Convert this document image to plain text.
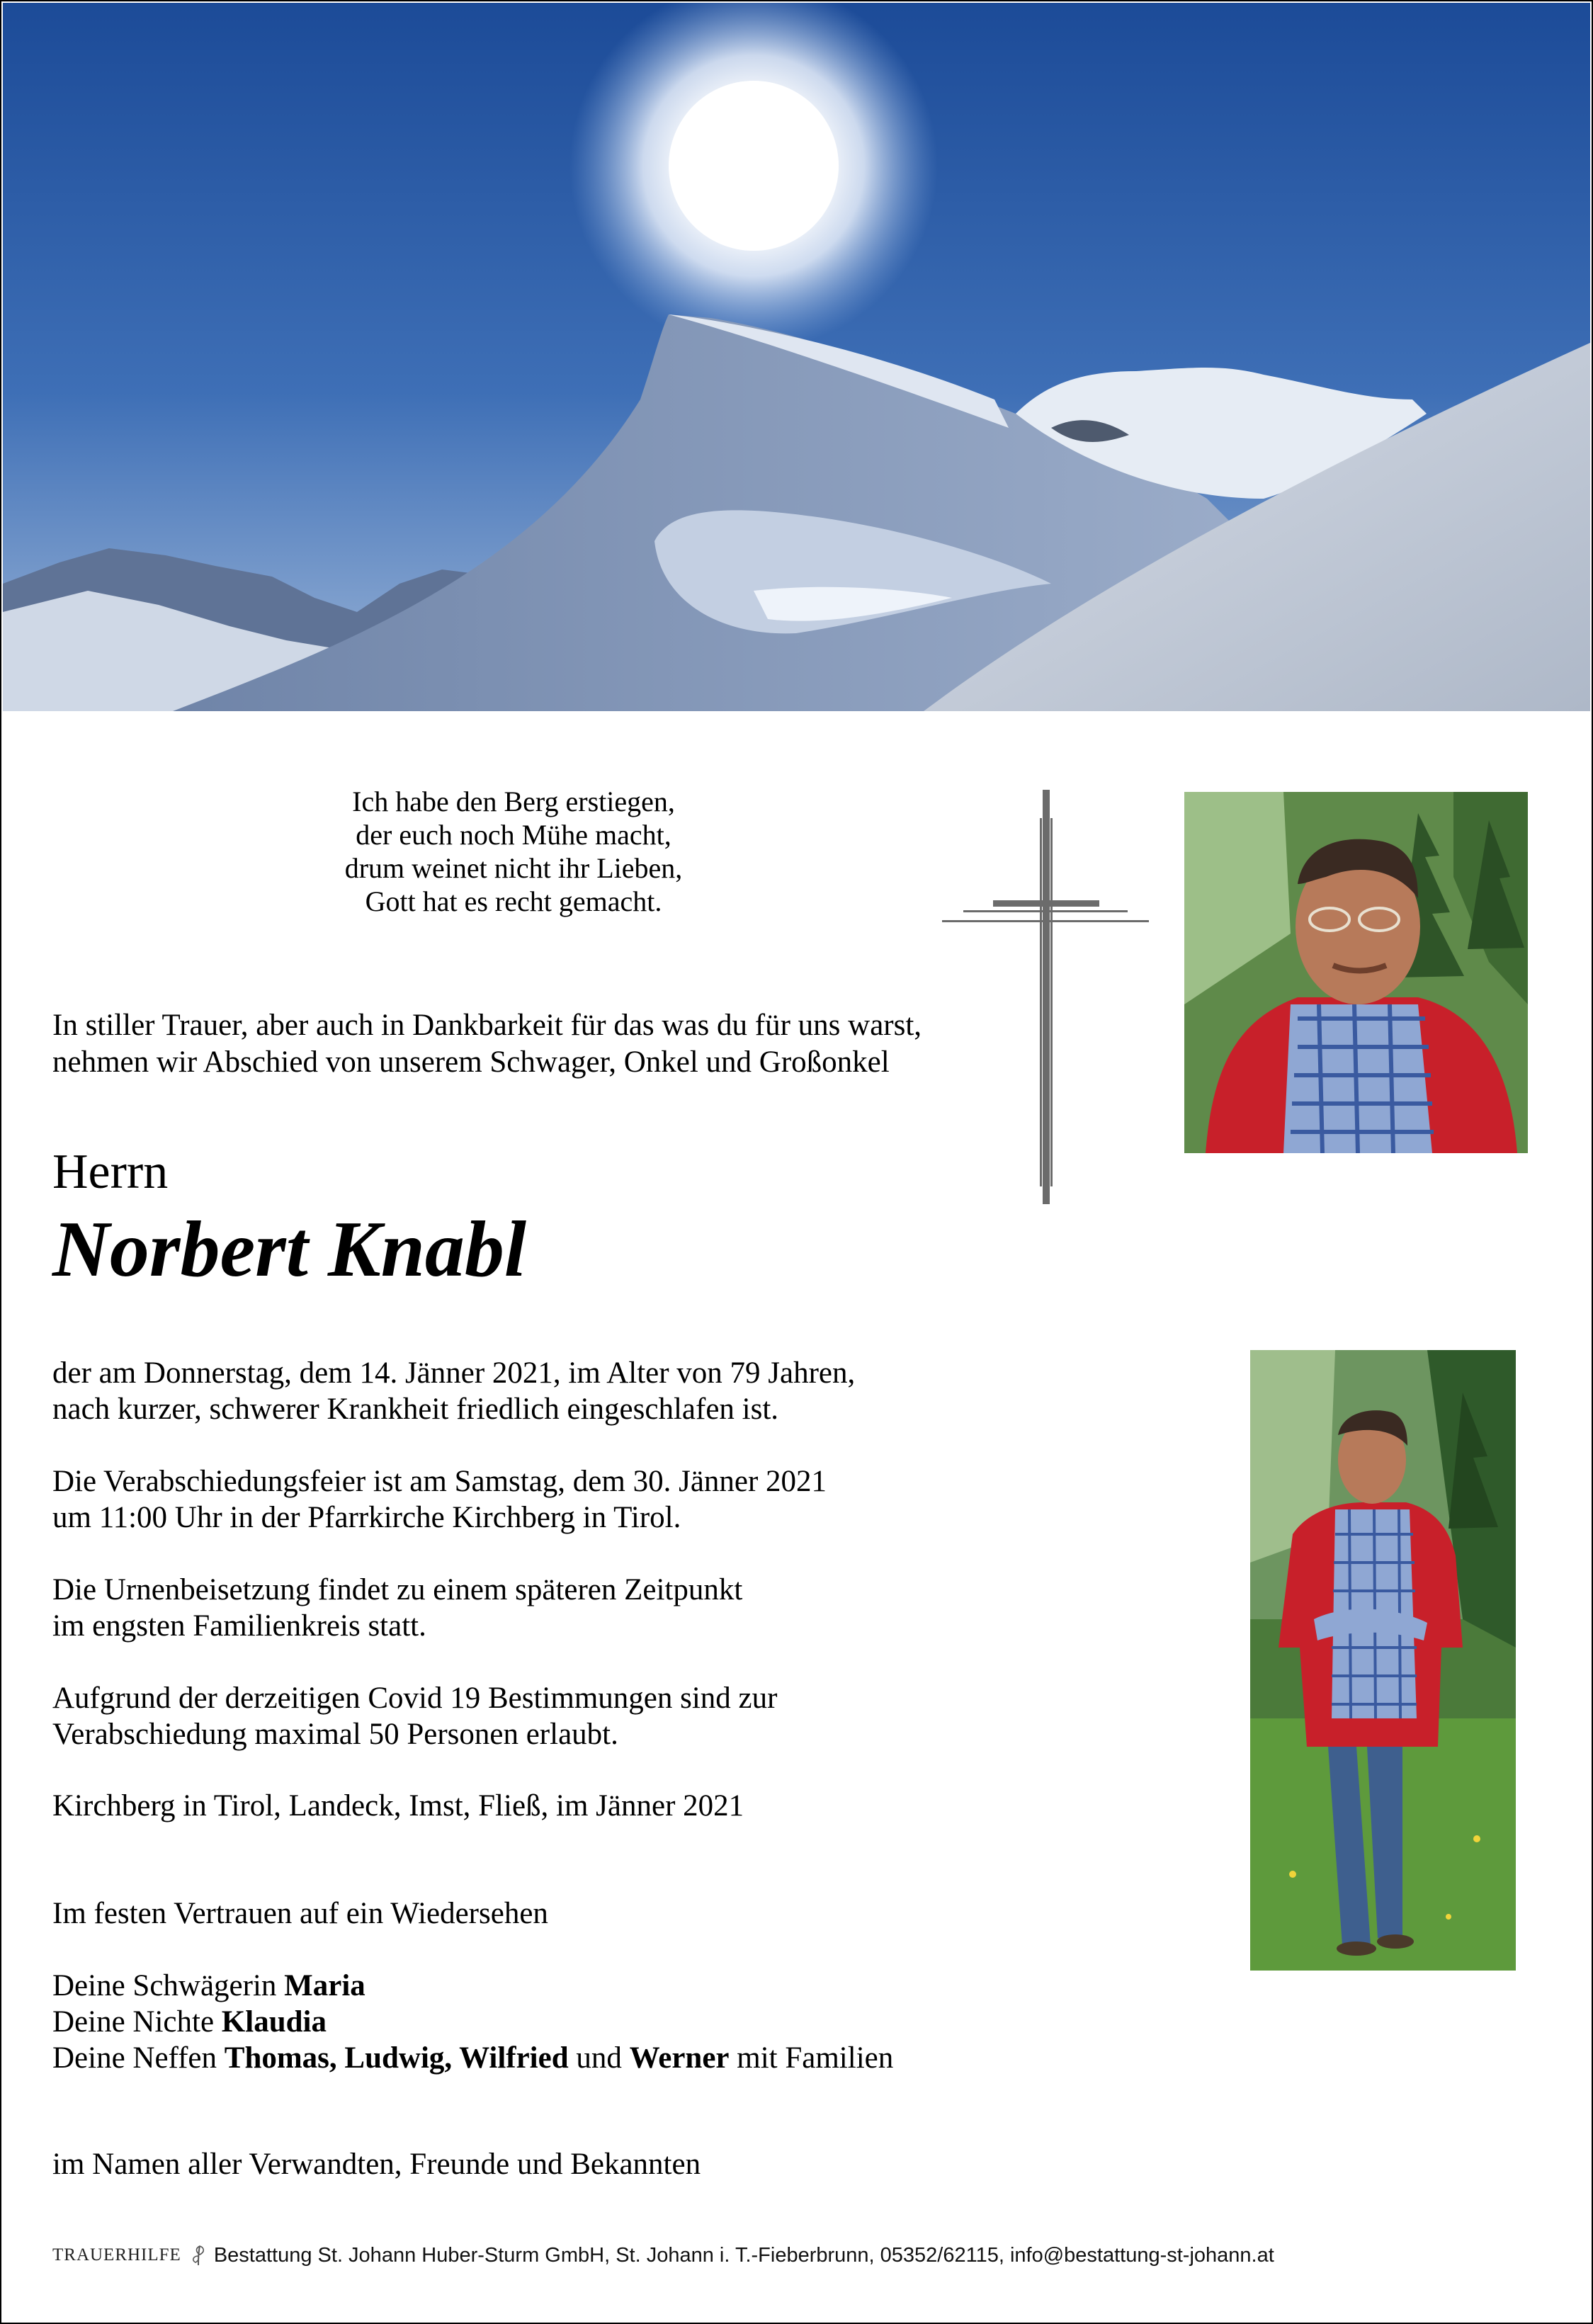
Ich habe den Berg erstiegen,
der euch noch Mühe macht,
drum weinet nicht ihr Lieben,
Gott hat es recht gemacht.
In stiller Trauer, aber auch in Dankbarkeit für das was du für uns warst,
nehmen wir Abschied von unserem Schwager, Onkel und Großonkel
Herrn
Norbert Knabl
der am Donnerstag, dem 14. Jänner 2021, im Alter von 79 Jahren,
nach kurzer, schwerer Krankheit friedlich eingeschlafen ist.
Die Verabschiedungsfeier ist am Samstag, dem 30. Jänner 2021
um 11:00 Uhr in der Pfarrkirche Kirchberg in Tirol.
Die Urnenbeisetzung findet zu einem späteren Zeitpunkt
im engsten Familienkreis statt.
Aufgrund der derzeitigen Covid 19 Bestimmungen sind zur
Verabschiedung maximal 50 Personen erlaubt.
Kirchberg in Tirol, Landeck, Imst, Fließ, im Jänner 2021
Im festen Vertrauen auf ein Wiedersehen
Deine Schwägerin Maria
Deine Nichte Klaudia
Deine Neffen Thomas, Ludwig, Wilfried und Werner mit Familien
im Namen aller Verwandten, Freunde und Bekannten
TRAUERHILFE Bestattung St. Johann Huber-Sturm GmbH, St. Johann i. T.-Fieberbrunn, 05352/62115, info@bestattung-st-johann.at
